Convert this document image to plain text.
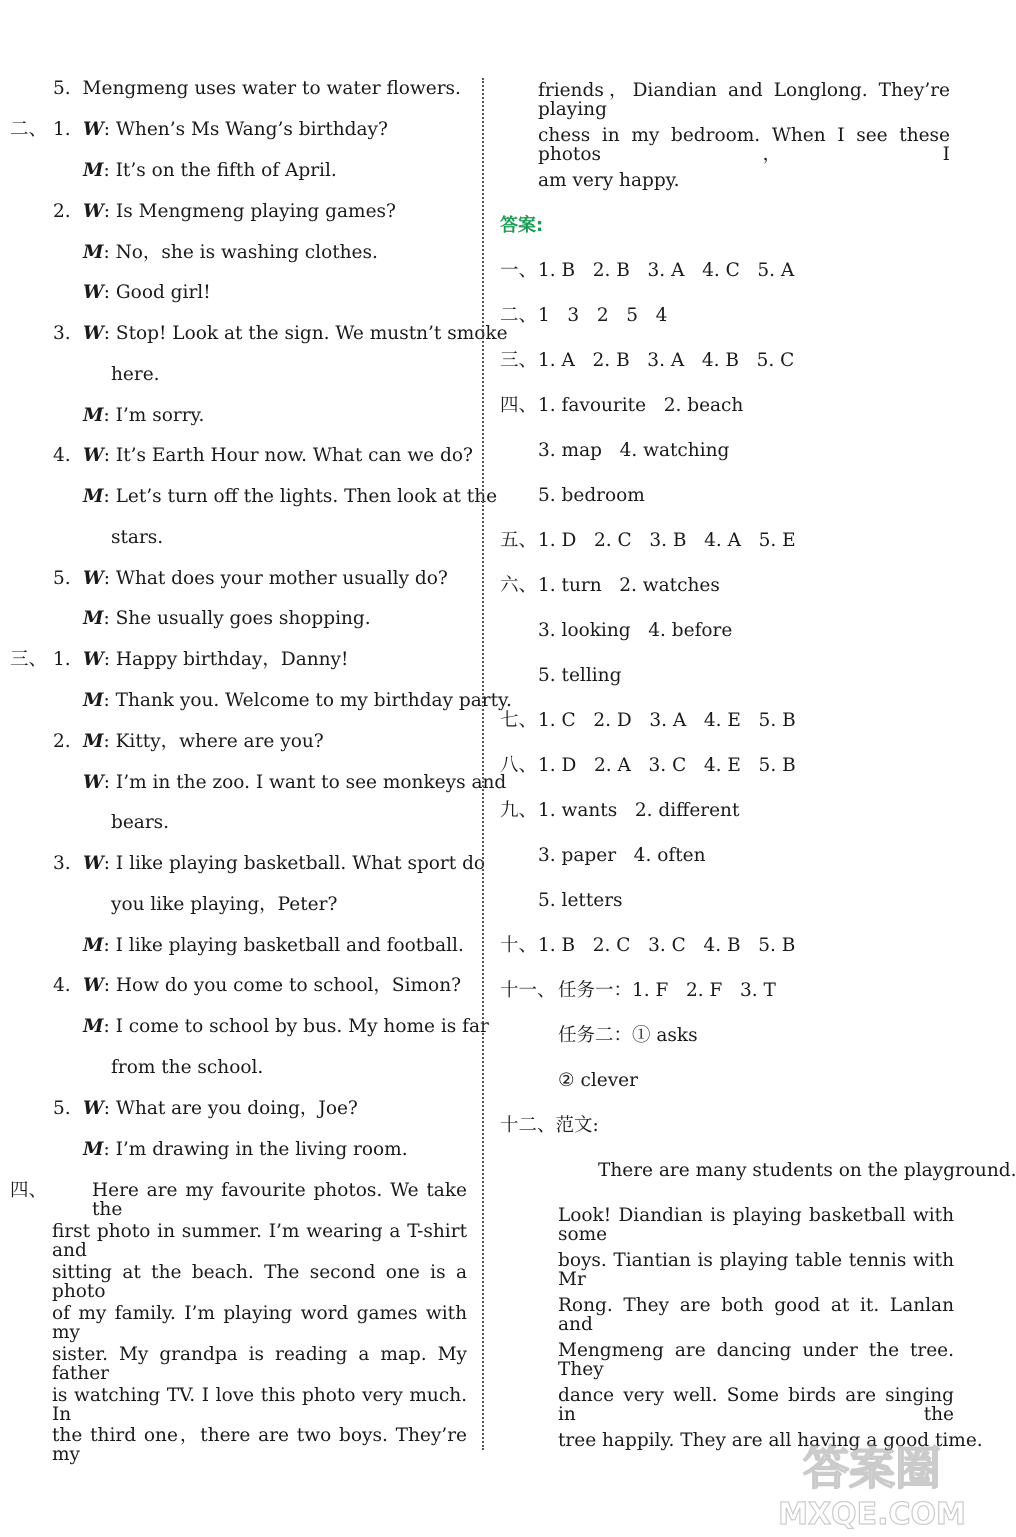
5. Mengmeng uses water to water flowers.
二、 1. W: When’s Ms Wang’s birthday?
M: It’s on the fifth of April.
2. W: Is Mengmeng playing games?
M: No，she is washing clothes.
W: Good girl!
3. W: Stop! Look at the sign. We mustn’t smoke
here.
M: I’m sorry.
4. W: It’s Earth Hour now. What can we do?
M: Let’s turn off the lights. Then look at the
stars.
5. W: What does your mother usually do?
M: She usually goes shopping.
三、 1. W: Happy birthday，Danny!
M: Thank you. Welcome to my birthday party.
2. M: Kitty，where are you?
W: I’m in the zoo. I want to see monkeys and
bears.
3. W: I like playing basketball. What sport do
you like playing，Peter?
M: I like playing basketball and football.
4. W: How do you come to school，Simon?
M: I come to school by bus. My home is far
from the school.
5. W: What are you doing，Joe?
M: I’m drawing in the living room.
四、 Here are my favourite photos. We take the
first photo in summer. I’m wearing a T-shirt and
sitting at the beach. The second one is a photo
of my family. I’m playing word games with my
sister. My grandpa is reading a map. My father
is watching TV. I love this photo very much. In
the third one，there are two boys. They’re my
friends，Diandian and Longlong. They’re playing
chess in my bedroom. When I see these photos，I
am very happy.
答案:
一、 1. B   2. B   3. A   4. C   5. A
二、 1   3   2   5   4
三、 1. A   2. B   3. A   4. B   5. C
四、 1. favourite   2. beach
3. map   4. watching
5. bedroom
五、 1. D   2. C   3. B   4. A   5. E
六、 1. turn   2. watches
3. looking   4. before
5. telling
七、 1. C   2. D   3. A   4. E   5. B
八、 1. D   2. A   3. C   4. E   5. B
九、 1. wants   2. different
3. paper   4. often
5. letters
十、 1. B   2. C   3. C   4. B   5. B
十一、 任务一：1. F   2. F   3. T
任务二：① asks
② clever
十二、范文:
There are many students on the playground.
Look! Diandian is playing basketball with some
boys. Tiantian is playing table tennis with Mr
Rong. They are both good at it. Lanlan and
Mengmeng are dancing under the tree. They
dance very well. Some birds are singing in the
tree happily. They are all having a good time.
答案圈
MXQE.COM
